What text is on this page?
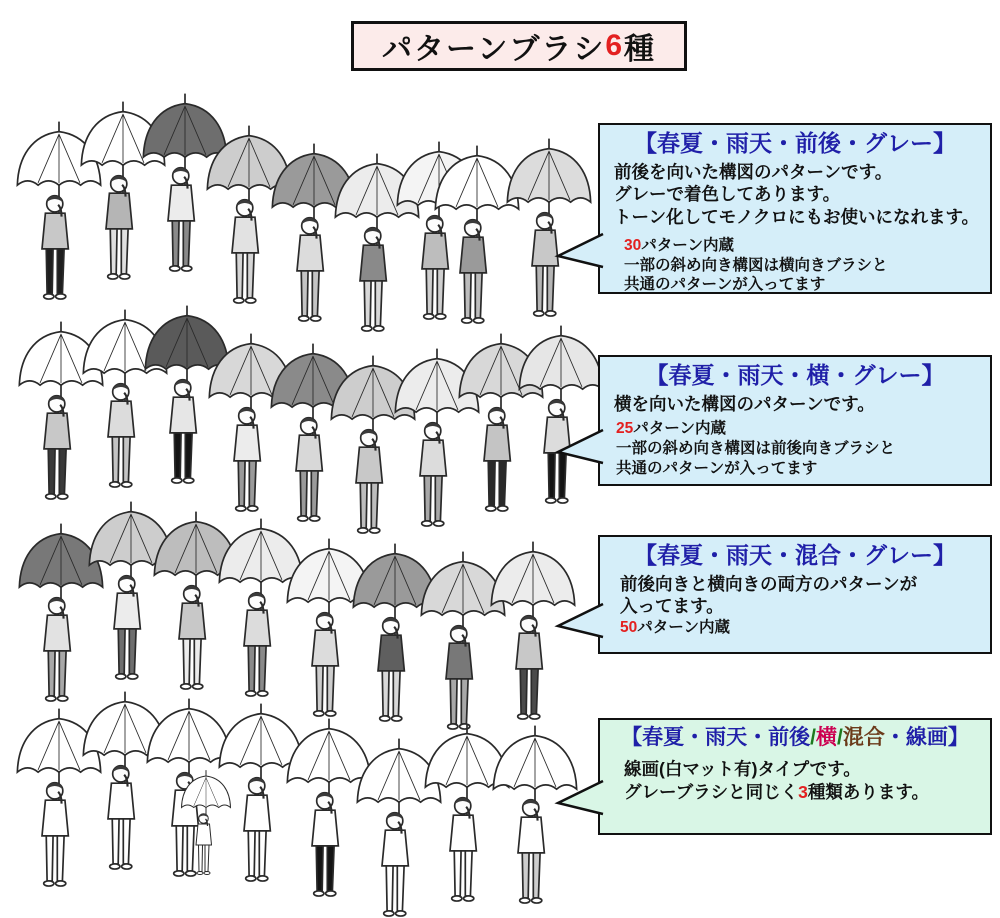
パターンブラシ 6 種
【春夏・雨天・前後・グレー】
前後を向いた構図のパターンです。
グレーで着色してあります。
トーン化してモノクロにもお使いになれます。
30パターン内蔵
一部の斜め向き構図は横向きブラシと
共通のパターンが入ってます
【春夏・雨天・横・グレー】
横を向いた構図のパターンです。
25パターン内蔵
一部の斜め向き構図は前後向きブラシと
共通のパターンが入ってます
【春夏・雨天・混合・グレー】
前後向きと横向きの両方のパターンが
入ってます。
50パターン内蔵
【春夏・雨天・前後/横/混合・線画】
線画(白マット有)タイプです。
グレーブラシと同じく3種類あります。
